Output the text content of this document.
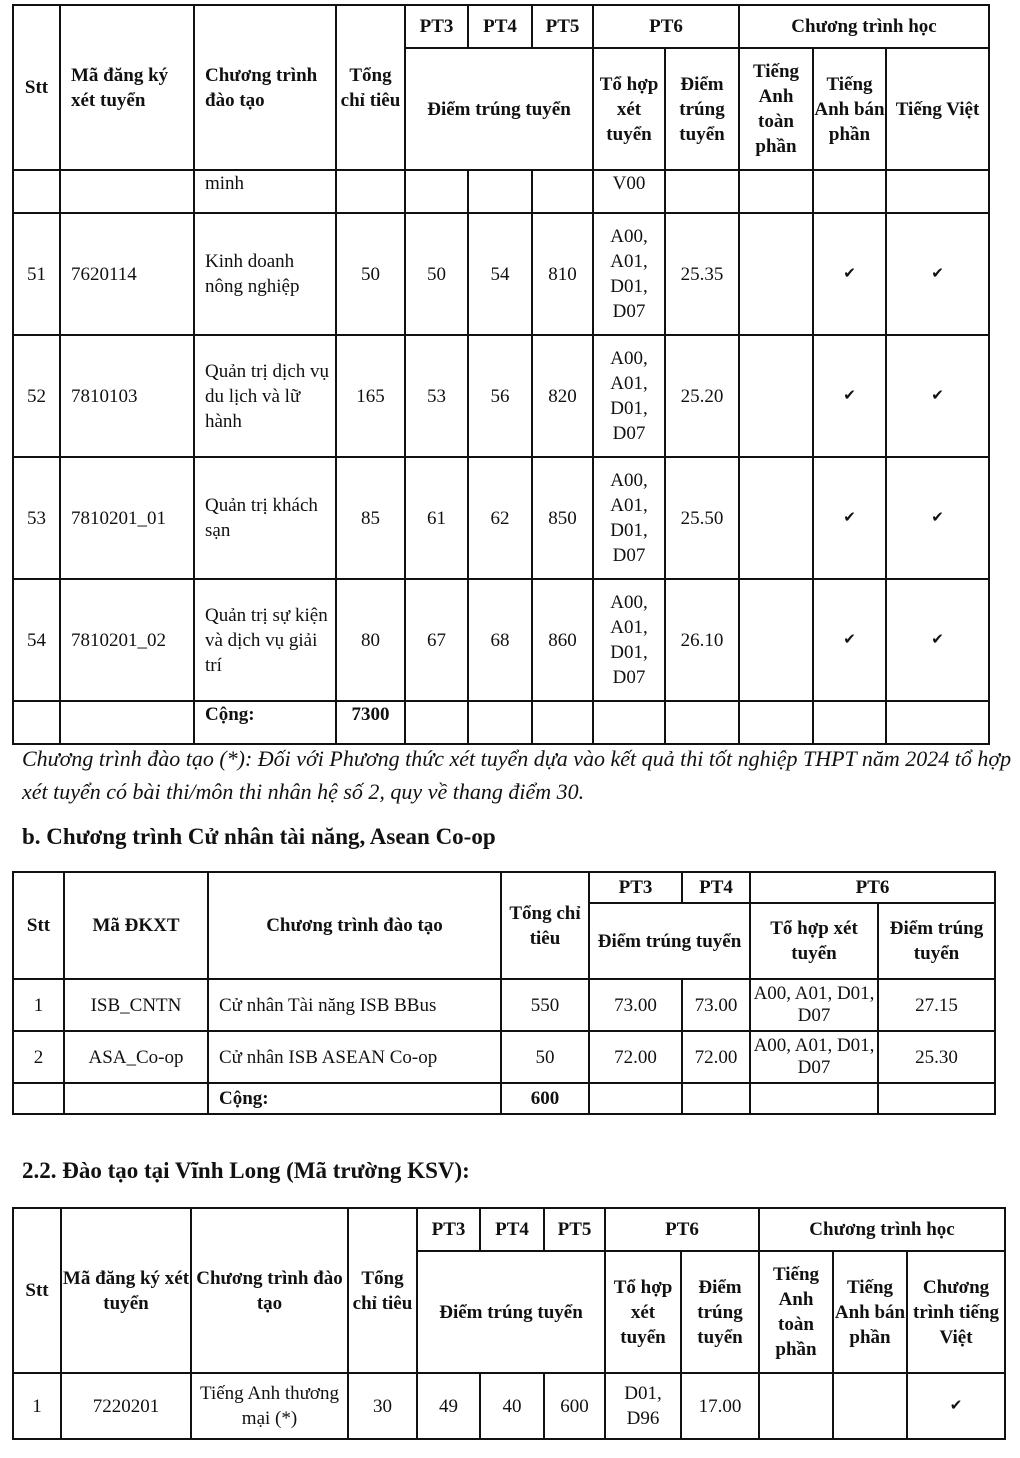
Stt	Mã đăng ký xét tuyển	Chương trình đào tạo	Tổng chỉ tiêu	PT3	PT4	PT5	PT6		Chương trình học		
				Điểm trúng tuyển			Tổ hợp xét tuyển	Điểm trúng tuyển	Tiếng Anh toàn phần	Tiếng Anh bán phần	Tiếng Việt
		minh					V00				
51	7620114	Kinh doanh nông nghiệp	50	50	54	810	A00, A01, D01, D07	25.35		✔	✔
52	7810103	Quản trị dịch vụ du lịch và lữ hành	165	53	56	820	A00, A01, D01, D07	25.20		✔	✔
53	7810201_01	Quản trị khách sạn	85	61	62	850	A00, A01, D01, D07	25.50		✔	✔
54	7810201_02	Quản trị sự kiện và dịch vụ giải trí	80	67	68	860	A00, A01, D01, D07	26.10		✔	✔
		Cộng:	7300								
Chương trình đào tạo (*): Đối với Phương thức xét tuyển dựa vào kết quả thi tốt nghiệp THPT năm 2024 tổ hợp xét tuyển có bài thi/môn thi nhân hệ số 2, quy về thang điểm 30.
b. Chương trình Cử nhân tài năng, Asean Co-op
Stt	Mã ĐKXT	Chương trình đào tạo	Tổng chỉ tiêu	PT3	PT4	PT6	
				Điểm trúng tuyển		Tổ hợp xét tuyển	Điểm trúng tuyển
1	ISB_CNTN	Cử nhân Tài năng ISB BBus	550	73.00	73.00	A00, A01, D01, D07	27.15
2	ASA_Co-op	Cử nhân ISB ASEAN Co-op	50	72.00	72.00	A00, A01, D01, D07	25.30
		Cộng:	600				
2.2. Đào tạo tại Vĩnh Long (Mã trường KSV):
Stt	Mã đăng ký xét tuyển	Chương trình đào tạo	Tổng chỉ tiêu	PT3	PT4	PT5	PT6		Chương trình học		
				Điểm trúng tuyển			Tổ hợp xét tuyển	Điểm trúng tuyển	Tiếng Anh toàn phần	Tiếng Anh bán phần	Chương trình tiếng Việt
1	7220201	Tiếng Anh thương mại (*)	30	49	40	600	D01, D96	17.00			✔
